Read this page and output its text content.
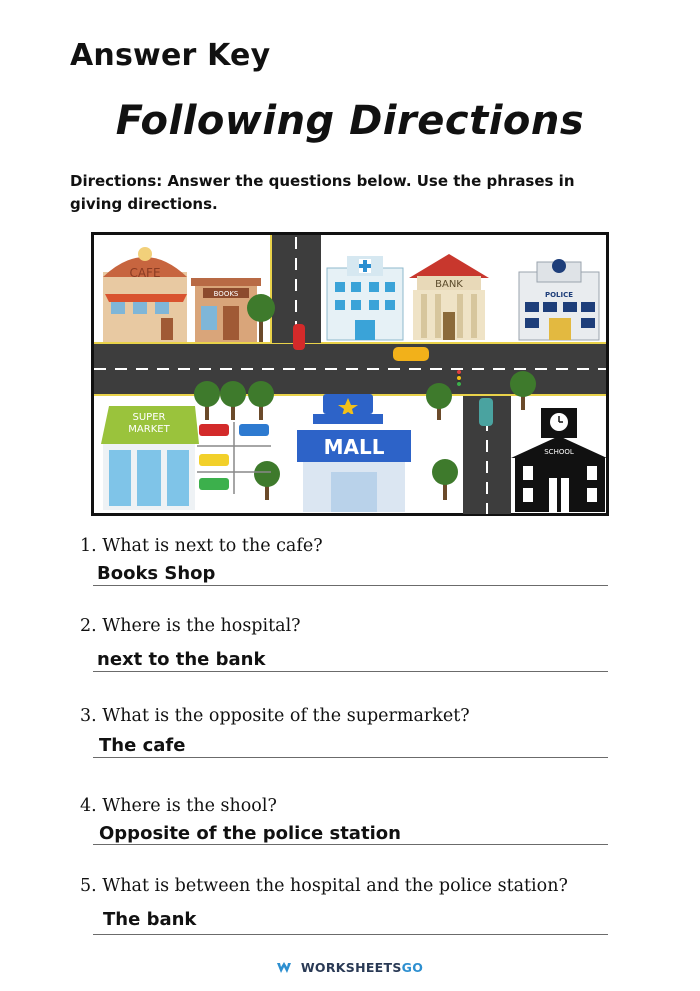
Answer Key
Following Directions
Directions: Answer the questions below. Use the phrases in giving directions.
CAFE
BOOKS
BANK
POLICE
SUPER
MARKET
MALL	SCHOOL
1. What is next to the cafe?
Books Shop
2. Where is the hospital?
next to the bank
3. What is the opposite of the supermarket?
The cafe
4. Where is the shool?
Opposite of the police station
5. What is between the hospital and the police station?
The bank
WORKSHEETSGO
